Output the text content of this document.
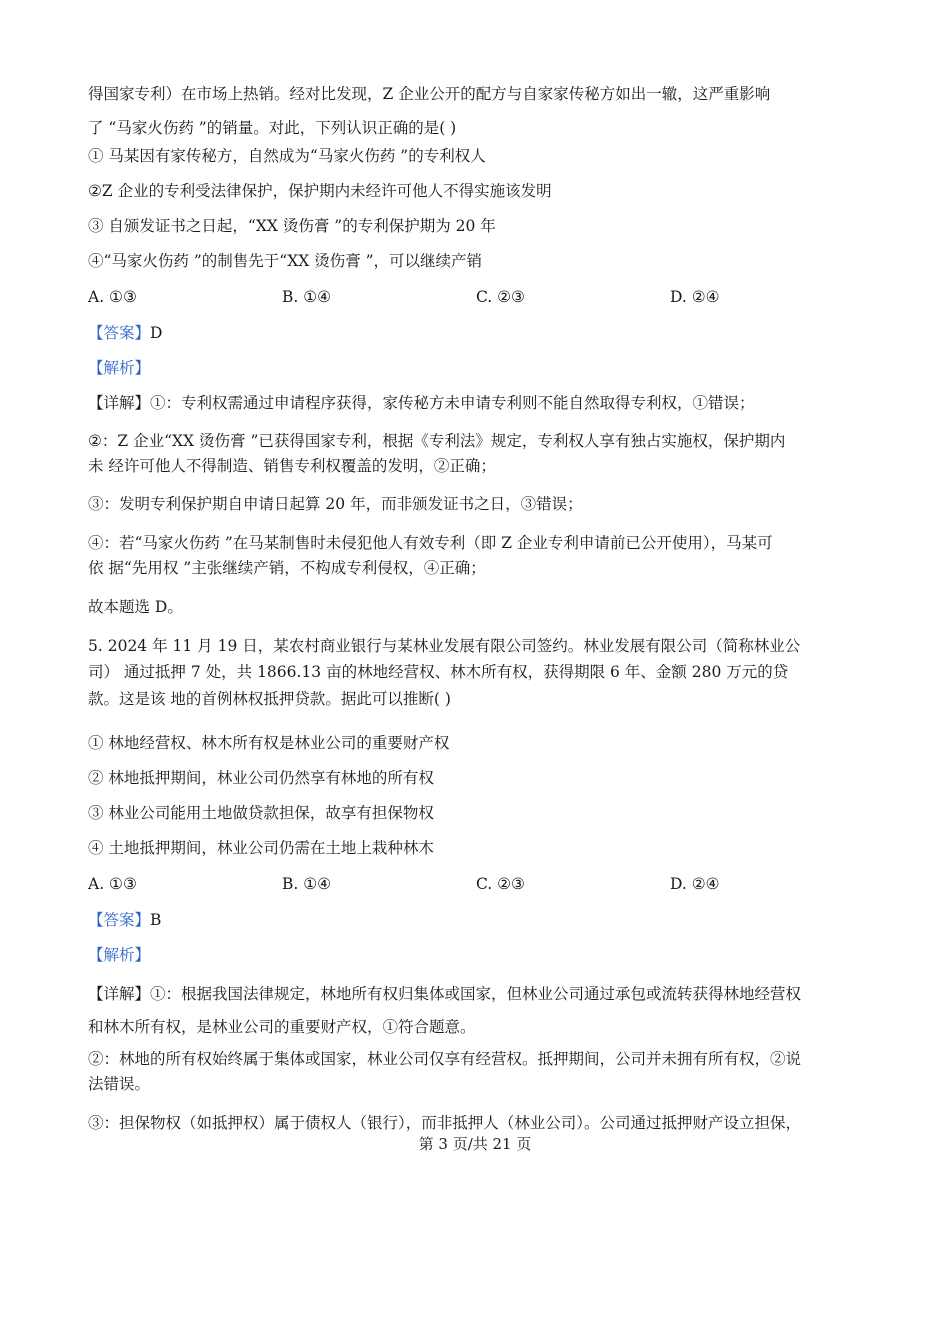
得国家专利）在市场上热销。经对比发现，Z 企业公开的配方与自家家传秘方如出一辙，这严重影响
了 “马家火伤药 ”的销量。对此，下列认识正确的是( )
① 马某因有家传秘方，自然成为“马家火伤药 ”的专利权人
②Z 企业的专利受法律保护，保护期内未经许可他人不得实施该发明
③ 自颁发证书之日起，“XX 烫伤膏 ”的专利保护期为 20 年
④“马家火伤药 ”的制售先于“XX 烫伤膏 ”，可以继续产销
A. ①③	B. ①④	C. ②③	D. ②④
【答案】D
【解析】
【详解】①：专利权需通过申请程序获得，家传秘方未申请专利则不能自然取得专利权，①错误；
②：Z 企业“XX 烫伤膏 ”已获得国家专利，根据《专利法》规定，专利权人享有独占实施权，保护期内
未 经许可他人不得制造、销售专利权覆盖的发明，②正确；
③：发明专利保护期自申请日起算 20 年，而非颁发证书之日，③错误；
④：若“马家火伤药 ”在马某制售时未侵犯他人有效专利（即 Z 企业专利申请前已公开使用），马某可
依 据“先用权 ”主张继续产销，不构成专利侵权，④正确；
故本题选 D。
5. 2024 年 11 月 19 日，某农村商业银行与某林业发展有限公司签约。林业发展有限公司（简称林业公
司） 通过抵押 7 处，共 1866.13 亩的林地经营权、林木所有权，获得期限 6 年、金额 280 万元的贷
款。这是该 地的首例林权抵押贷款。据此可以推断( )
① 林地经营权、林木所有权是林业公司的重要财产权
② 林地抵押期间，林业公司仍然享有林地的所有权
③ 林业公司能用土地做贷款担保，故享有担保物权
④ 土地抵押期间，林业公司仍需在土地上栽种林木
A. ①③	B. ①④	C. ②③	D. ②④
【答案】B
【解析】
【详解】①：根据我国法律规定，林地所有权归集体或国家，但林业公司通过承包或流转获得林地经营权
和林木所有权，是林业公司的重要财产权，①符合题意。
②：林地的所有权始终属于集体或国家，林业公司仅享有经营权。抵押期间，公司并未拥有所有权，②说
法错误。
③：担保物权（如抵押权）属于债权人（银行），而非抵押人（林业公司）。公司通过抵押财产设立担保，
第 3 页/共 21 页
